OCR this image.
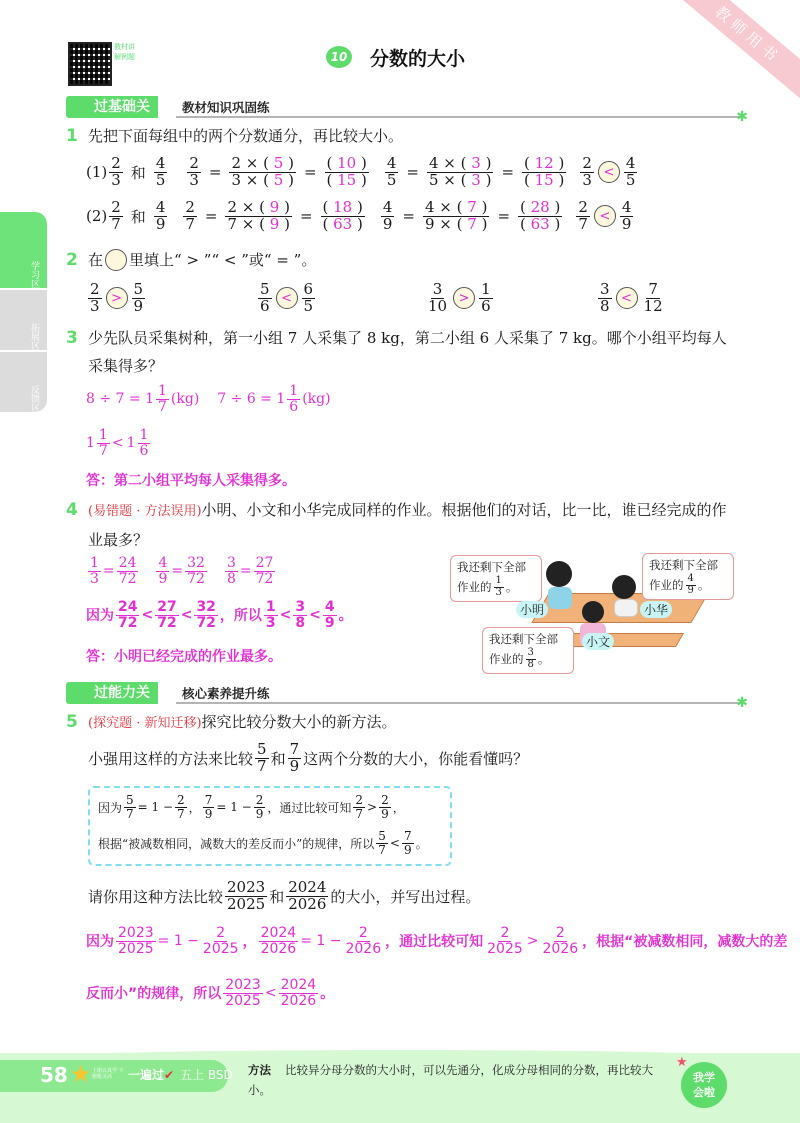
教师用书
教材讲解例题	10 分数的大小
过基础关	教材知识巩固练
✱
学习区
拓展区
反馈区
1 先把下面每组中的两个分数通分，再比较大小。
$(1) \frac{2}{3}$ 和 $\frac{4}{5} \frac{2}{3} = \frac{2 \times ( 5 )}{3 \times ( 5 )} = \frac{( 10 )}{( 15 )} \frac{4}{5} = \frac{4 \times ( 3 )}{5 \times ( 3 )} = \frac{( 12 )}{( 15 )} \frac{2}{3} < \frac{4}{5}$
$(2) \frac{2}{7}$ 和 $\frac{4}{9} \frac{2}{7} = \frac{2 \times ( 9 )}{7 \times ( 9 )} = \frac{( 18 )}{( 63 )} \frac{4}{9} = \frac{4 \times ( 7 )}{9 \times ( 7 )} = \frac{( 28 )}{( 63 )} \frac{2}{7} < \frac{4}{9}$
2 在 里填上“ > ”“ < ”或“ = ”。
$\frac{2}{3} > \frac{5}{9}$	$\frac{5}{6} < \frac{6}{5}$	$\frac{3}{10} > \frac{1}{6}$	$\frac{3}{8} < \frac{7}{12}$
3 少先队员采集树种，第一小组 7 人采集了 8 kg，第二小组 6 人采集了 7 kg。哪个小组平均每人采集得多？
$8 \div 7 = 1 \frac{1}{7} (kg) 7 \div 6 = 1 \frac{1}{6} (kg)$
$1 \frac{1}{7} < 1 \frac{1}{6}$
答：第二小组平均每人采集得多。
4 (易错题 · 方法误用)小明、小文和小华完成同样的作业。根据他们的对话，比一比，谁已经完成的作业最多？
$\frac{1}{3} = \frac{24}{72} \frac{4}{9} = \frac{32}{72} \frac{3}{8} = \frac{27}{72}$
因为 $\frac{24}{72} < \frac{27}{72} < \frac{32}{72}$ ，所以 $\frac{1}{3} < \frac{3}{8} < \frac{4}{9}$ 。
答：小明已经完成的作业最多。
我还剩下全部
作业的 $\frac{1}{3}$ 。
我还剩下全部
作业的 $\frac{4}{9}$ 。
我还剩下全部
作业的 $\frac{3}{8}$ 。
小明	小华
小文
过能力关	核心素养提升练
✱
5 (探究题 · 新知迁移)探究比较分数大小的新方法。
小强用这样的方法来比较 $\frac{5}{7}$ 和 $\frac{7}{9}$ 这两个分数的大小，你能看懂吗？
因为 $\frac{5}{7} = 1 - \frac{2}{7}$ ， $\frac{7}{9} = 1 - \frac{2}{9}$ ，通过比较可知 $\frac{2}{7} > \frac{2}{9}$ ，
根据“被减数相同，减数大的差反而小”的规律，所以 $\frac{5}{7} < \frac{7}{9}$ 。
请你用这种方法比较 $\frac{2023}{2025}$ 和 $\frac{2024}{2026}$ 的大小，并写出过程。
因为 $\frac{2023}{2025} = 1 - \frac{2}{2025}$ ， $\frac{2024}{2026} = 1 - \frac{2}{2026}$ ，通过比较可知 $\frac{2}{2025} > \frac{2}{2026}$ ，根据“被减数相同，减数大的差
反而小”的规律，所以 $\frac{2023}{2025} < \frac{2024}{2026}$ 。
58 ★ 上册认真学 下册能灵活	一遍过✔ 五上 BSD 方法 比较异分母分数的大小时，可以先通分，化成分母相同的分数，再比较大小。
★
我学会啦
